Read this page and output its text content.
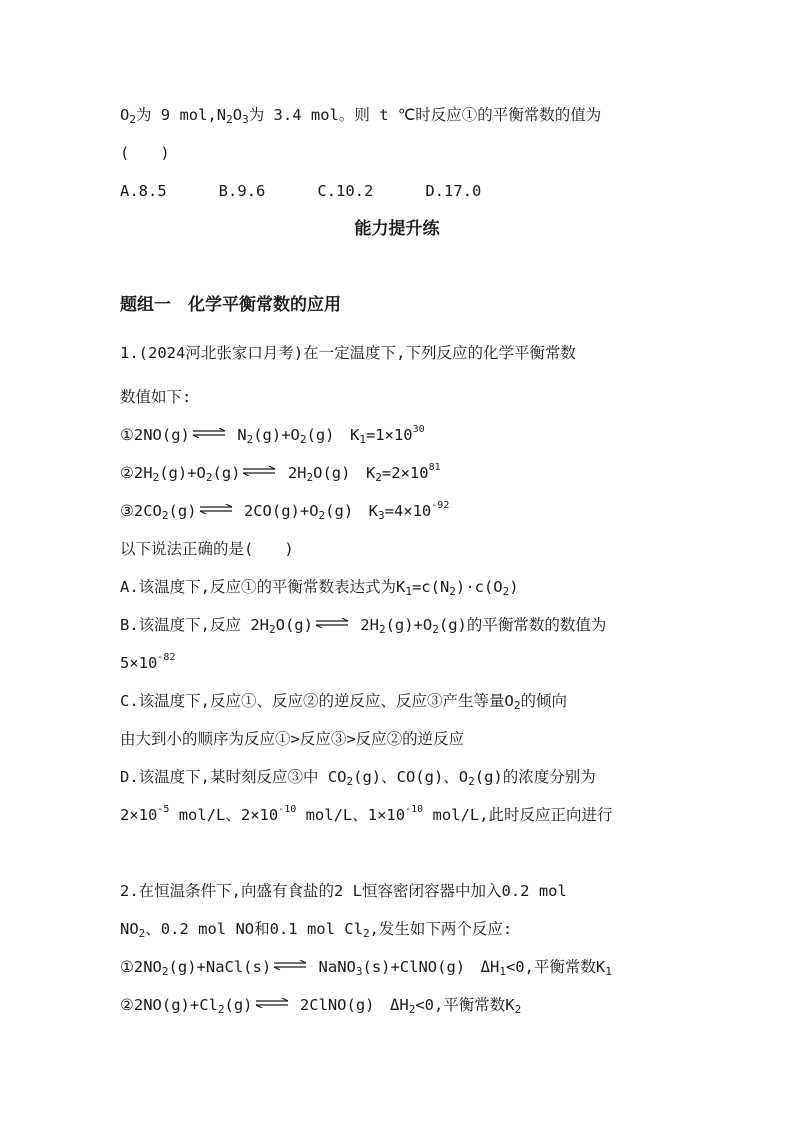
$O_2$为 9 $mol,N_2O_3$为 3.4 mol。则 t ℃时反应①的平衡常数的值为
(　　)
A.8.5	B.9.6	C.10.2	D.17.0
能力提升练
题组一　化学平衡常数的应用
1.(2024河北张家口月考)在一定温度下,下列反应的化学平衡常数
数值如下:
①2NO(g) ⇌ $N_2(g)+O_2(g)$　$K_1=1\times 10^{30}$
$②2H_2(g)+O_2(g)$ ⇌ $2H_2O(g)$　$K_2=2\times 10^{81}$
$③2CO_2(g)$ ⇌ $2CO(g)+O_2(g)$　$K_3=4\times 10^{-92}$
以下说法正确的是(　　)
A.该温度下,反应①的平衡常数表达式为$K_1=c(N_2)\cdot c(O_2)$
B.该温度下,反应 $2H_2O(g)$ ⇌ $2H_2(g)+O_2(g)$的平衡常数的数值为
$5\times 10^{-82}$
C.该温度下,反应①、反应②的逆反应、反应③产生等量$O_2$的倾向
由大到小的顺序为反应①>反应③>反应②的逆反应
D.该温度下,某时刻反应③中 $CO_2(g)$、CO(g)、$O_2(g)$的浓度分别为
$2\times 10^{-5}$ mol/L、$2\times 10^{-10}$ mol/L、$1\times 10^{-10}$ mol/L,此时反应正向进行
2.在恒温条件下,向盛有食盐的2 L恒容密闭容器中加入0.2 mol
$NO_2$、0.2 mol NO和0.1 mol $Cl_2$,发生如下两个反应:
$①2NO_2(g)+NaCl(s)$ ⇌ NaNO$_3$(s)+ClNO(g)　$\Delta H_1<0$,平衡常数$K_1$
$②2NO(g)+Cl_2(g)$ ⇌ 2ClNO(g)　$\Delta H_2<0$,平衡常数$K_2$
